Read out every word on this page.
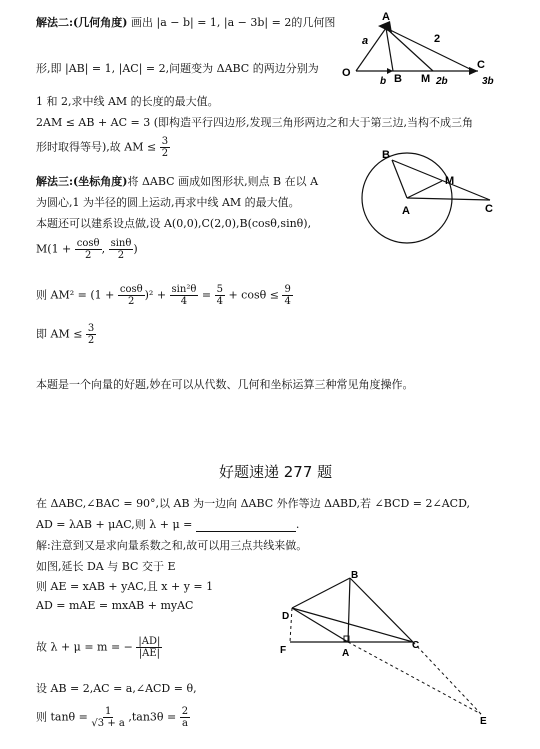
解法二:(几何角度) 画出 |a − b| = 1, |a − 3b| = 2的几何图
形,即 |AB| = 1, |AC| = 2,问题变为 ΔABC 的两边分别为
1 和 2,求中线 AM 的长度的最大值。
2AM ≤ AB + AC = 3 (即构造平行四边形,发现三角形两边之和大于第三边,当构不成三角
形时取得等号),故 AM ≤ $\frac{3}{2}$
A
a	2
O
b B M 2b
C
3b
解法三:(坐标角度)将 ΔABC 画成如图形状,则点 B 在以 A
为圆心,1 为半径的圆上运动,再求中线 AM 的最大值。
本题还可以建系设点做,设 A(0,0),C(2,0),B(cosθ,sinθ),
$M(1 + \frac{\cos\theta}{2}$ , $\frac{\sin\theta}{2}$ )
则 $AM^2 = (1 + \frac{\cos\theta}{2} )^2 + \frac{\text{sin²θ}}{4} = \frac{5}{4} + \cos\theta \le \frac{9}{4}$
即 AM ≤ $\frac{3}{2}$
B
M
A	C
本题是一个向量的好题,妙在可以从代数、几何和坐标运算三种常见角度操作。
好题速递 277 题
在 ΔABC,∠BAC = 90°,以 AB 为一边向 ΔABC 外作等边 ΔABD,若 ∠BCD = 2∠ACD,
AD = λAB + μAC,则 λ + μ =	.
解:注意到又是求向量系数之和,故可以用三点共线来做。
如图,延长 DA 与 BC 交于 E
则 AE = xAB + yAC,且 x + y = 1
AD = mAE = mxAB + myAC
故 λ + μ = m = − $\frac{|AD|}{|AE|}$
设 AB = 2,AC = a,∠ACD = θ,
则 $\tan\theta = \frac{1}{√3 + a} ,\tan 3\theta = \frac{2}{a}$
B
D
F	A
C
E
